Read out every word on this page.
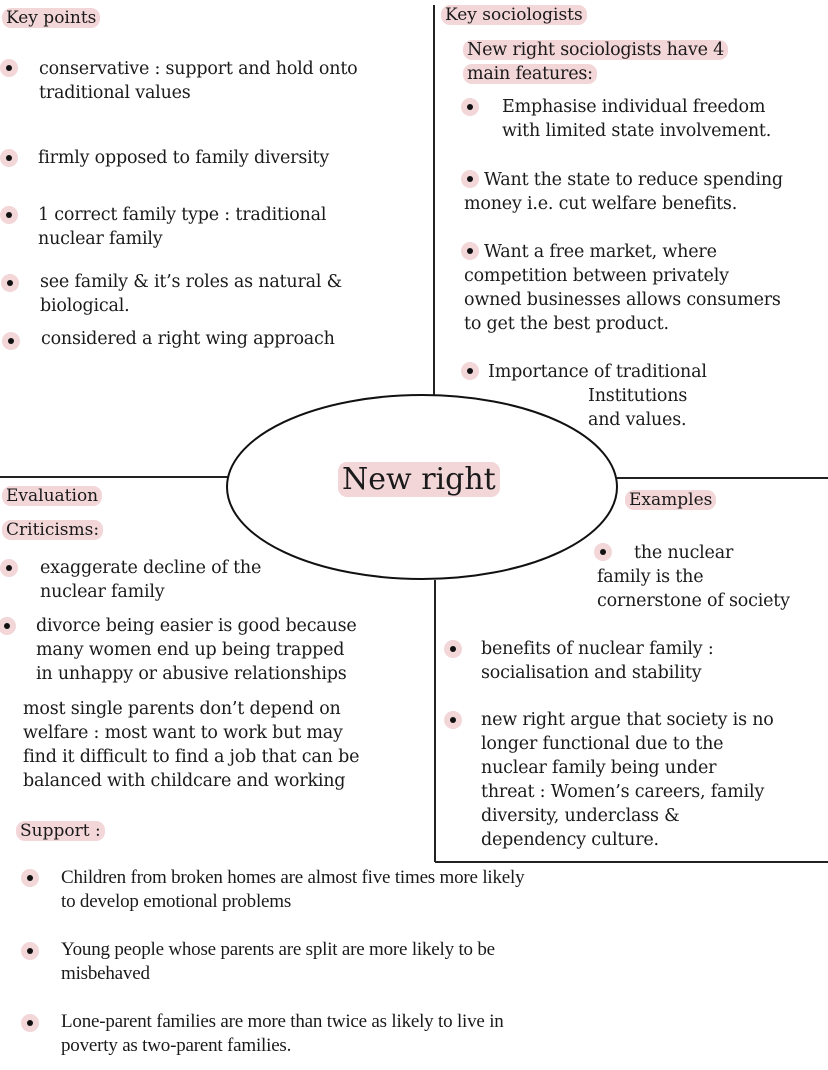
New right
Key points
conservative : support and hold onto
traditional values
firmly opposed to family diversity
1 correct family type : traditional
nuclear family
see family & it’s roles as natural &
biological.
considered a right wing approach
Key sociologists
New right sociologists have 4
main features:
Emphasise individual freedom
with limited state involvement.
Want the state to reduce spending
money i.e. cut welfare benefits.
Want a free market, where
competition between privately
owned businesses allows consumers
to get the best product.
Importance of traditional
Institutions
and values.
Evaluation
Criticisms:
exaggerate decline of the
nuclear family
divorce being easier is good because
many women end up being trapped
in unhappy or abusive relationships
most single parents don’t depend on
welfare : most want to work but may
find it difficult to find a job that can be
balanced with childcare and working
Support :
Children from broken homes are almost five times more likely
to develop emotional problems
Young people whose parents are split are more likely to be
misbehaved
Lone-parent families are more than twice as likely to live in
poverty as two-parent families.
Examples
the nuclear
family is the
cornerstone of society
benefits of nuclear family :
socialisation and stability
new right argue that society is no
longer functional due to the
nuclear family being under
threat : Women’s careers, family
diversity, underclass &
dependency culture.
